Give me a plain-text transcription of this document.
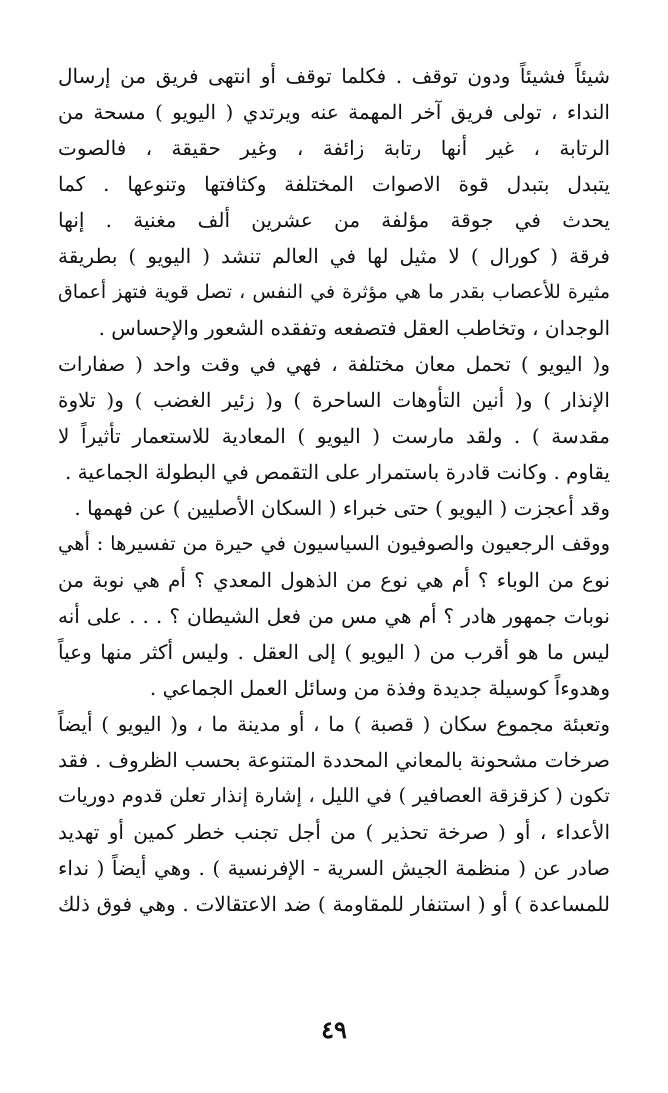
شيئاً فشيئاً ودون توقف . فكلما توقف أو انتهى فريق من إرسال
النداء ، تولى فريق آخر المهمة عنه ويرتدي ( اليويو ) مسحة من
الرتابة ، غير أنها رتابة زائفة ، وغير حقيقة ، فالصوت
يتبدل بتبدل قوة الاصوات المختلفة وكثافتها وتنوعها . كما
يحدث في جوقة مؤلفة من عشرين ألف مغنية . إنها
فرقة ( كورال ) لا مثيل لها في العالم تنشد ( اليويو ) بطريقة
مثيرة للأعصاب بقدر ما هي مؤثرة في النفس ، تصل قوية فتهز أعماق
الوجدان ، وتخاطب العقل فتصفعه وتفقده الشعور والإحساس .
و( اليويو ) تحمل معان مختلفة ، فهي في وقت واحد ( صفارات
الإنذار ) و( أنين التأوهات الساحرة ) و( زئير الغضب ) و( تلاوة
مقدسة ) . ولقد مارست ( اليويو ) المعادية للاستعمار تأثيراً لا
يقاوم . وكانت قادرة باستمرار على التقمص في البطولة الجماعية .
وقد أعجزت ( اليويو ) حتى خبراء ( السكان الأصليين ) عن فهمها .
ووقف الرجعيون والصوفيون السياسيون في حيرة من تفسيرها : أهي
نوع من الوباء ؟ أم هي نوع من الذهول المعدي ؟ أم هي نوبة من
نوبات جمهور هادر ؟ أم هي مس من فعل الشيطان ؟ . . . على أنه
ليس ما هو أقرب من ( اليويو ) إلى العقل . وليس أكثر منها وعياً
وهدوءاً كوسيلة جديدة وفذة من وسائل العمل الجماعي .
وتعبئة مجموع سكان ( قصبة ) ما ، أو مدينة ما ، و( اليويو ) أيضاً
صرخات مشحونة بالمعاني المحددة المتنوعة بحسب الظروف . فقد
تكون ( كزقزقة العصافير ) في الليل ، إشارة إنذار تعلن قدوم دوريات
الأعداء ، أو ( صرخة تحذير ) من أجل تجنب خطر كمين أو تهديد
صادر عن ( منظمة الجيش السرية - الإفرنسية ) . وهي أيضاً ( نداء
للمساعدة ) أو ( استنفار للمقاومة ) ضد الاعتقالات . وهي فوق ذلك
٤٩
